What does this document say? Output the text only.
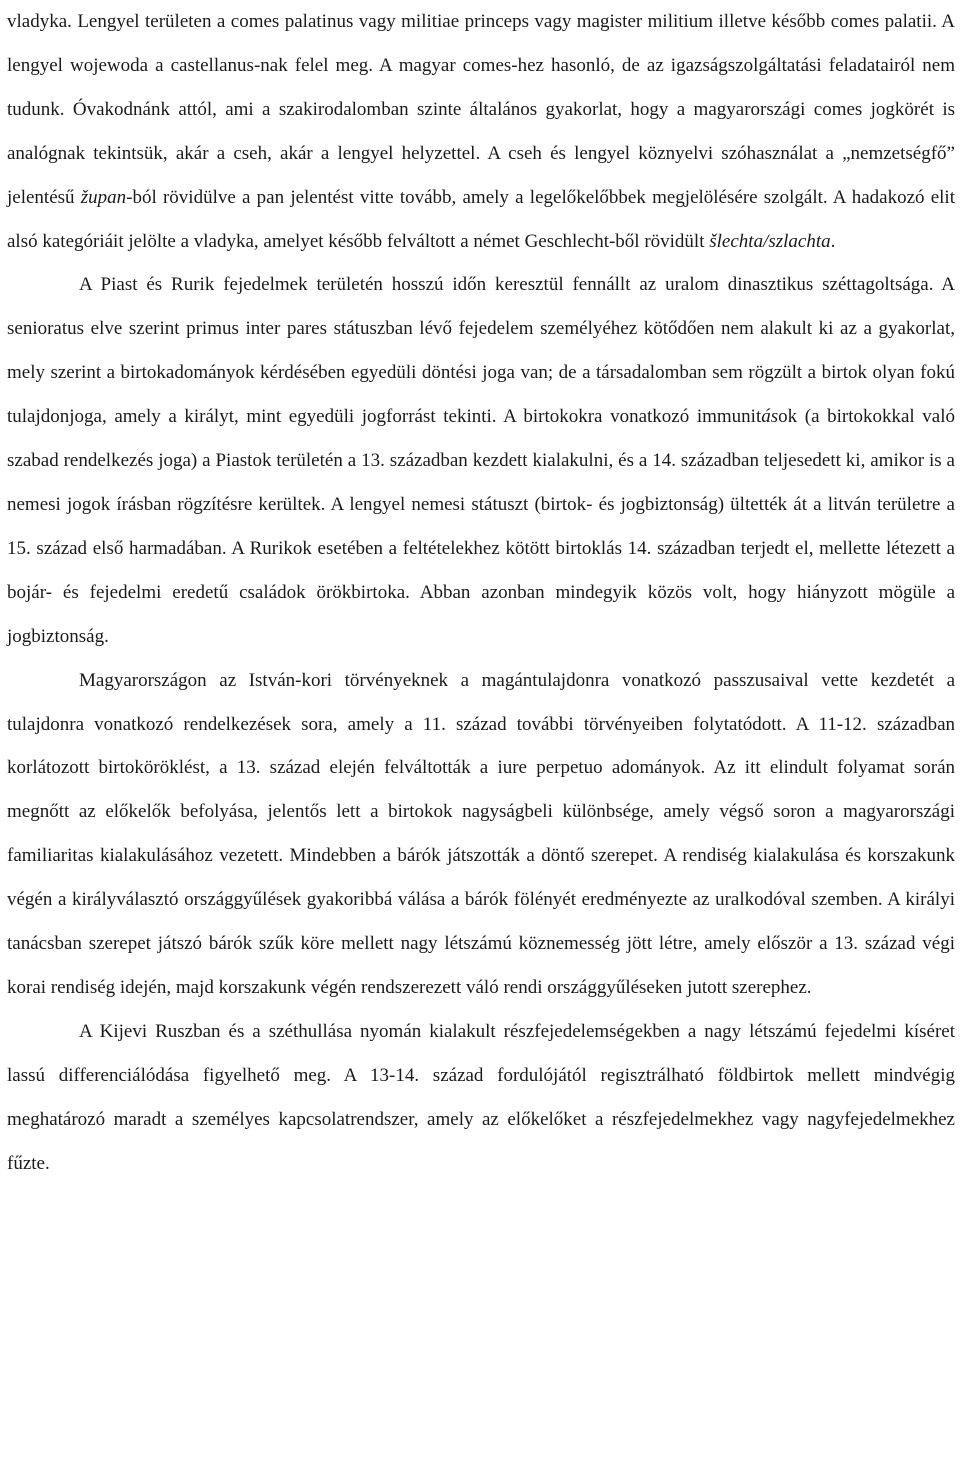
vladyka. Lengyel területen a comes palatinus vagy militiae princeps vagy magister militium illetve később comes palatii. A lengyel wojewoda a castellanus-nak felel meg. A magyar comes-hez hasonló, de az igazságszolgáltatási feladatairól nem tudunk. Óvakodnánk attól, ami a szakirodalomban szinte általános gyakorlat, hogy a magyarországi comes jogkörét is analógnak tekintsük, akár a cseh, akár a lengyel helyzettel. A cseh és lengyel köznyelvi szóhasználat a „nemzetségfő” jelentésű župan-ból rövidülve a pan jelentést vitte tovább, amely a legelőkelőbbek megjelölésére szolgált. A hadakozó elit alsó kategóriáit jelölte a vladyka, amelyet később felváltott a német Geschlecht-ből rövidült šlechta/szlachta.

A Piast és Rurik fejedelmek területén hosszú időn keresztül fennállt az uralom dinasztikus széttagoltsága. A senioratus elve szerint primus inter pares státuszban lévő fejedelem személyéhez kötődően nem alakult ki az a gyakorlat, mely szerint a birtokadományok kérdésében egyedüli döntési joga van; de a társadalomban sem rögzült a birtok olyan fokú tulajdonjoga, amely a királyt, mint egyedüli jogforrást tekinti. A birtokokra vonatkozó immunitások (a birtokokkal való szabad rendelkezés joga) a Piastok területén a 13. században kezdett kialakulni, és a 14. században teljesedett ki, amikor is a nemesi jogok írásban rögzítésre kerültek. A lengyel nemesi státuszt (birtok- és jogbiztonság) ültették át a litván területre a 15. század első harmadában. A Rurikok esetében a feltételekhez kötött birtoklás 14. században terjedt el, mellette létezett a bojár- és fejedelmi eredetű családok örökbirtoka. Abban azonban mindegyik közös volt, hogy hiányzott mögüle a jogbiztonság.

Magyarországon az István-kori törvényeknek a magántulajdonra vonatkozó passzusaival vette kezdetét a tulajdonra vonatkozó rendelkezések sora, amely a 11. század további törvényeiben folytatódott. A 11-12. században korlátozott birtoköröklést, a 13. század elején felváltották a iure perpetuo adományok. Az itt elindult folyamat során megnőtt az előkelők befolyása, jelentős lett a birtokok nagyságbeli különbsége, amely végső soron a magyarországi familiaritas kialakulásához vezetett. Mindebben a bárók játszották a döntő szerepet. A rendiség kialakulása és korszakunk végén a királyválasztó országgyűlések gyakoribbá válása a bárók fölényét eredményezte az uralkodóval szemben. A királyi tanácsban szerepet játszó bárók szűk köre mellett nagy létszámú köznemesség jött létre, amely először a 13. század végi korai rendiség idején, majd korszakunk végén rendszerezett váló rendi országgyűléseken jutott szerephez.

A Kijevi Ruszban és a széthullása nyomán kialakult részfejedelemségekben a nagy létszámú fejedelmi kíséret lassú differenciálódása figyelhető meg. A 13-14. század fordulójától regisztrálható földbirtok mellett mindvégig meghatározó maradt a személyes kapcsolatrendszer, amely az előkelőket a részfejedelmekhez vagy nagyfejedelmekhez fűzte.
